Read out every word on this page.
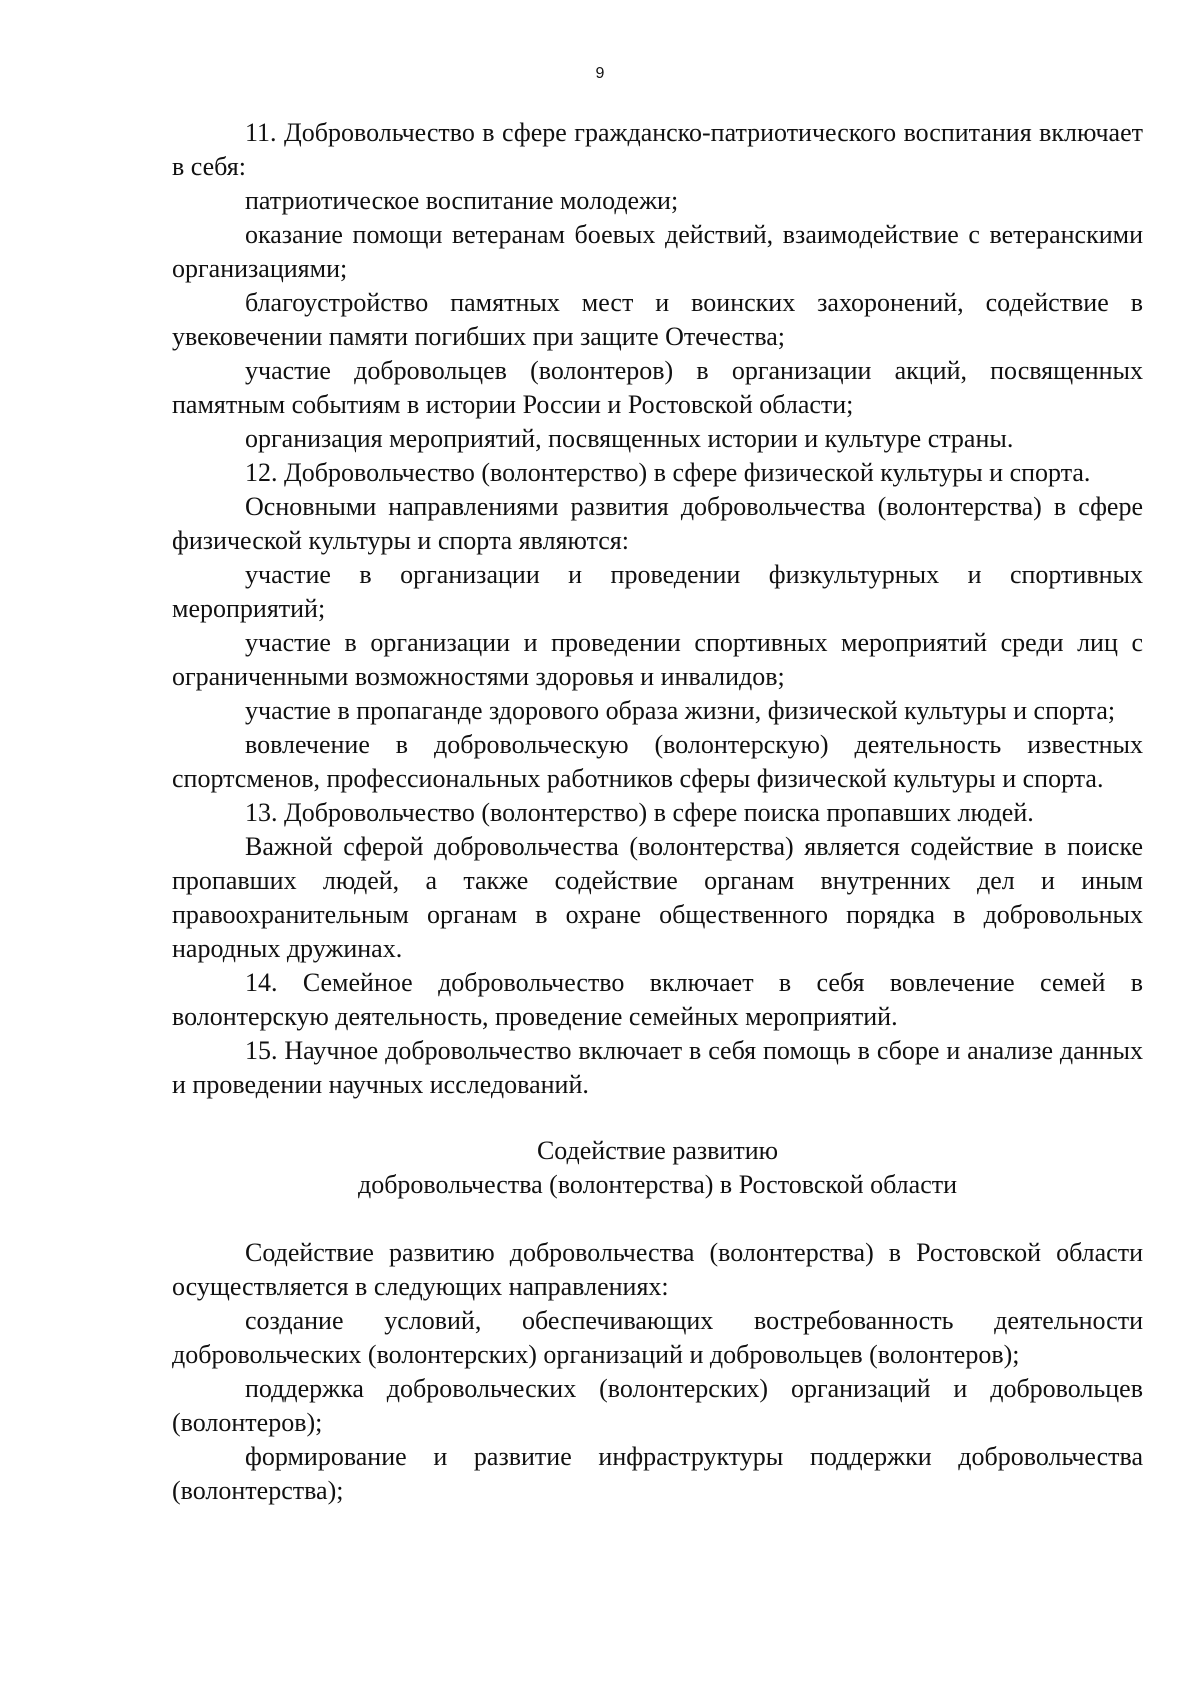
9

11. Добровольчество в сфере гражданско-патриотического воспитания включает в себя:

патриотическое воспитание молодежи;

оказание помощи ветеранам боевых действий, взаимодействие с ветеранскими организациями;

благоустройство памятных мест и воинских захоронений, содействие в увековечении памяти погибших при защите Отечества;

участие добровольцев (волонтеров) в организации акций, посвященных памятным событиям в истории России и Ростовской области;

организация мероприятий, посвященных истории и культуре страны.

12. Добровольчество (волонтерство) в сфере физической культуры и спорта.

Основными направлениями развития добровольчества (волонтерства) в сфере физической культуры и спорта являются:

участие в организации и проведении физкультурных и спортивных мероприятий;

участие в организации и проведении спортивных мероприятий среди лиц с ограниченными возможностями здоровья и инвалидов;

участие в пропаганде здорового образа жизни, физической культуры и спорта;

вовлечение в добровольческую (волонтерскую) деятельность известных спортсменов, профессиональных работников сферы физической культуры и спорта.

13. Добровольчество (волонтерство) в сфере поиска пропавших людей.

Важной сферой добровольчества (волонтерства) является содействие в поиске пропавших людей, а также содействие органам внутренних дел и иным правоохранительным органам в охране общественного порядка в добровольных народных дружинах.

14. Семейное добровольчество включает в себя вовлечение семей в волонтерскую деятельность, проведение семейных мероприятий.

15. Научное добровольчество включает в себя помощь в сборе и анализе данных и проведении научных исследований.

Содействие развитию

добровольчества (волонтерства) в Ростовской области

Содействие развитию добровольчества (волонтерства) в Ростовской области осуществляется в следующих направлениях:

создание условий, обеспечивающих востребованность деятельности добровольческих (волонтерских) организаций и добровольцев (волонтеров);

поддержка добровольческих (волонтерских) организаций и добровольцев (волонтеров);

формирование и развитие инфраструктуры поддержки добровольчества (волонтерства);
